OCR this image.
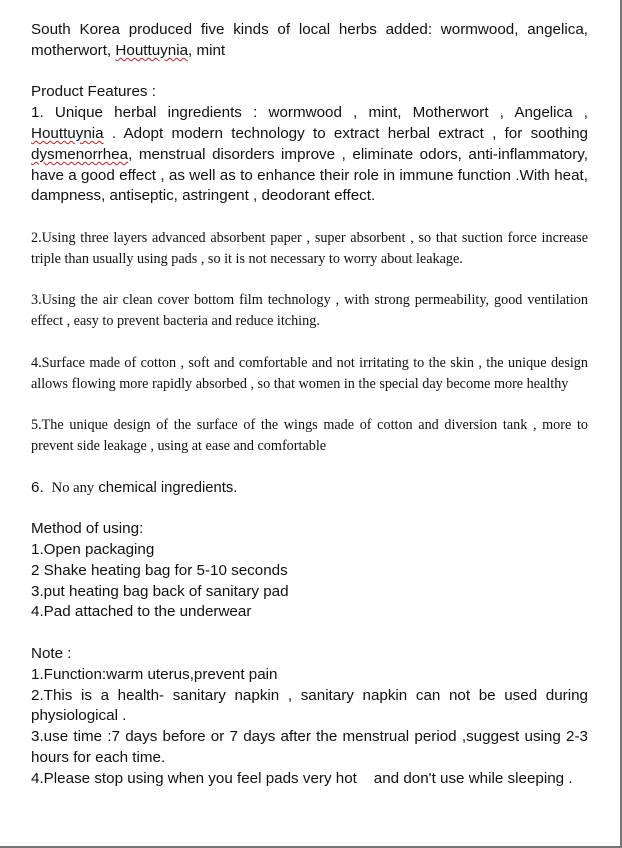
South Korea produced five kinds of local herbs added: wormwood, angelica, motherwort, Houttuynia, mint

Product Features :

1. Unique herbal ingredients : wormwood , mint, Motherwort , Angelica , Houttuynia . Adopt modern technology to extract herbal extract , for soothing dysmenorrhea, menstrual disorders improve , eliminate odors, anti-inflammatory, have a good effect , as well as to enhance their role in immune function .With heat, dampness, antiseptic, astringent , deodorant effect.

2.Using three layers advanced absorbent paper , super absorbent , so that suction force increase triple than usually using pads , so it is not necessary to worry about leakage.

3.Using the air clean cover bottom film technology , with strong permeability, good ventilation effect , easy to prevent bacteria and reduce itching.

4.Surface made of cotton , soft and comfortable and not irritating to the skin , the unique design allows flowing more rapidly absorbed , so that women in the special day become more healthy

5.The unique design of the surface of the wings made of cotton and diversion tank , more to prevent side leakage , using at ease and comfortable

6. No any chemical ingredients.

Method of using:

1.Open packaging

2 Shake heating bag for 5-10 seconds

3.put heating bag back of sanitary pad

4.Pad attached to the underwear

Note :

1.Function:warm uterus,prevent pain

2.This is a health- sanitary napkin , sanitary napkin can not be used during physiological .

3.use time :7 days before or 7 days after the menstrual period ,suggest using 2-3 hours for each time.

4.Please stop using when you feel pads very hot    and don't use while sleeping .
